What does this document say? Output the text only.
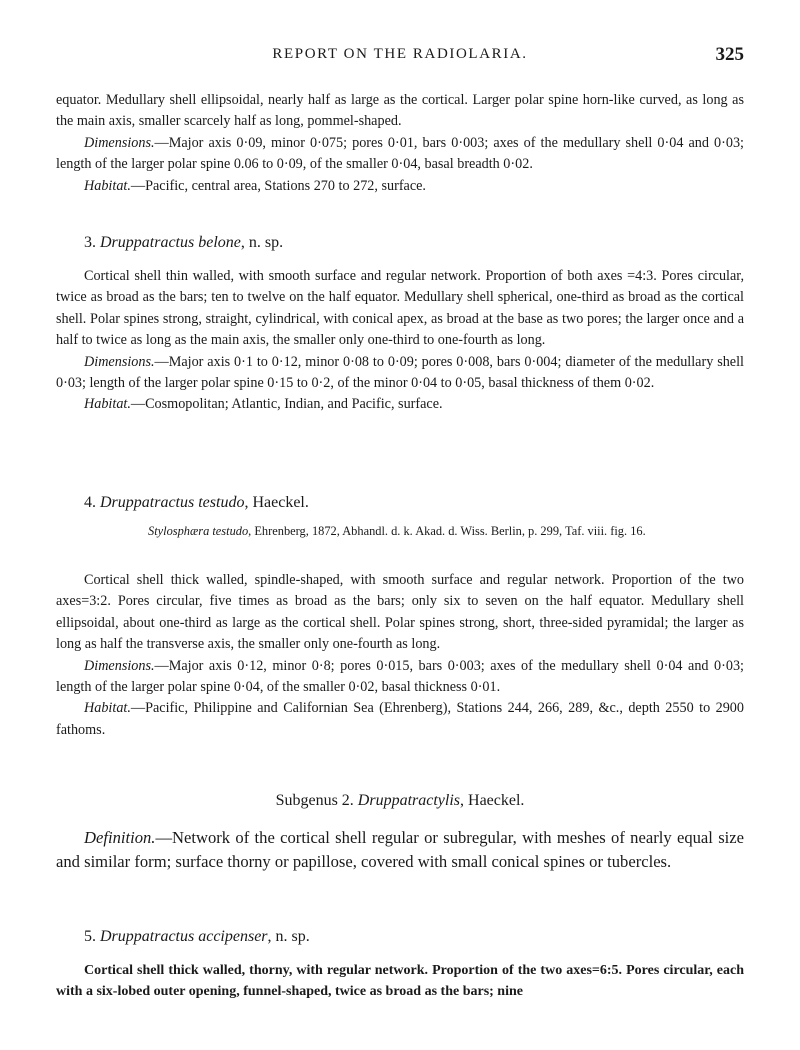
REPORT ON THE RADIOLARIA.	325

equator. Medullary shell ellipsoidal, nearly half as large as the cortical. Larger polar spine horn-like curved, as long as the main axis, smaller scarcely half as long, pommel-shaped.

Dimensions.—Major axis 0·09, minor 0·075; pores 0·01, bars 0·003; axes of the medullary shell 0·04 and 0·03; length of the larger polar spine 0.06 to 0·09, of the smaller 0·04, basal breadth 0·02.

Habitat.—Pacific, central area, Stations 270 to 272, surface.

3. Druppatractus belone, n. sp.

Cortical shell thin walled, with smooth surface and regular network. Proportion of both axes =4:3. Pores circular, twice as broad as the bars; ten to twelve on the half equator. Medullary shell spherical, one-third as broad as the cortical shell. Polar spines strong, straight, cylindrical, with conical apex, as broad at the base as two pores; the larger once and a half to twice as long as the main axis, the smaller only one-third to one-fourth as long.

Dimensions.—Major axis 0·1 to 0·12, minor 0·08 to 0·09; pores 0·008, bars 0·004; diameter of the medullary shell 0·03; length of the larger polar spine 0·15 to 0·2, of the minor 0·04 to 0·05, basal thickness of them 0·02.

Habitat.—Cosmopolitan; Atlantic, Indian, and Pacific, surface.

4. Druppatractus testudo, Haeckel.
Stylosphæra testudo, Ehrenberg, 1872, Abhandl. d. k. Akad. d. Wiss. Berlin, p. 299, Taf. viii. fig. 16.

Cortical shell thick walled, spindle-shaped, with smooth surface and regular network. Proportion of the two axes=3:2. Pores circular, five times as broad as the bars; only six to seven on the half equator. Medullary shell ellipsoidal, about one-third as large as the cortical shell. Polar spines strong, short, three-sided pyramidal; the larger as long as half the transverse axis, the smaller only one-fourth as long.

Dimensions.—Major axis 0·12, minor 0·8; pores 0·015, bars 0·003; axes of the medullary shell 0·04 and 0·03; length of the larger polar spine 0·04, of the smaller 0·02, basal thickness 0·01.

Habitat.—Pacific, Philippine and Californian Sea (Ehrenberg), Stations 244, 266, 289, &c., depth 2550 to 2900 fathoms.

Subgenus 2. Druppatractylis, Haeckel.

Definition.—Network of the cortical shell regular or subregular, with meshes of nearly equal size and similar form; surface thorny or papillose, covered with small conical spines or tubercles.

5. Druppatractus accipenser, n. sp.

Cortical shell thick walled, thorny, with regular network. Proportion of the two axes=6:5. Pores circular, each with a six-lobed outer opening, funnel-shaped, twice as broad as the bars; nine
